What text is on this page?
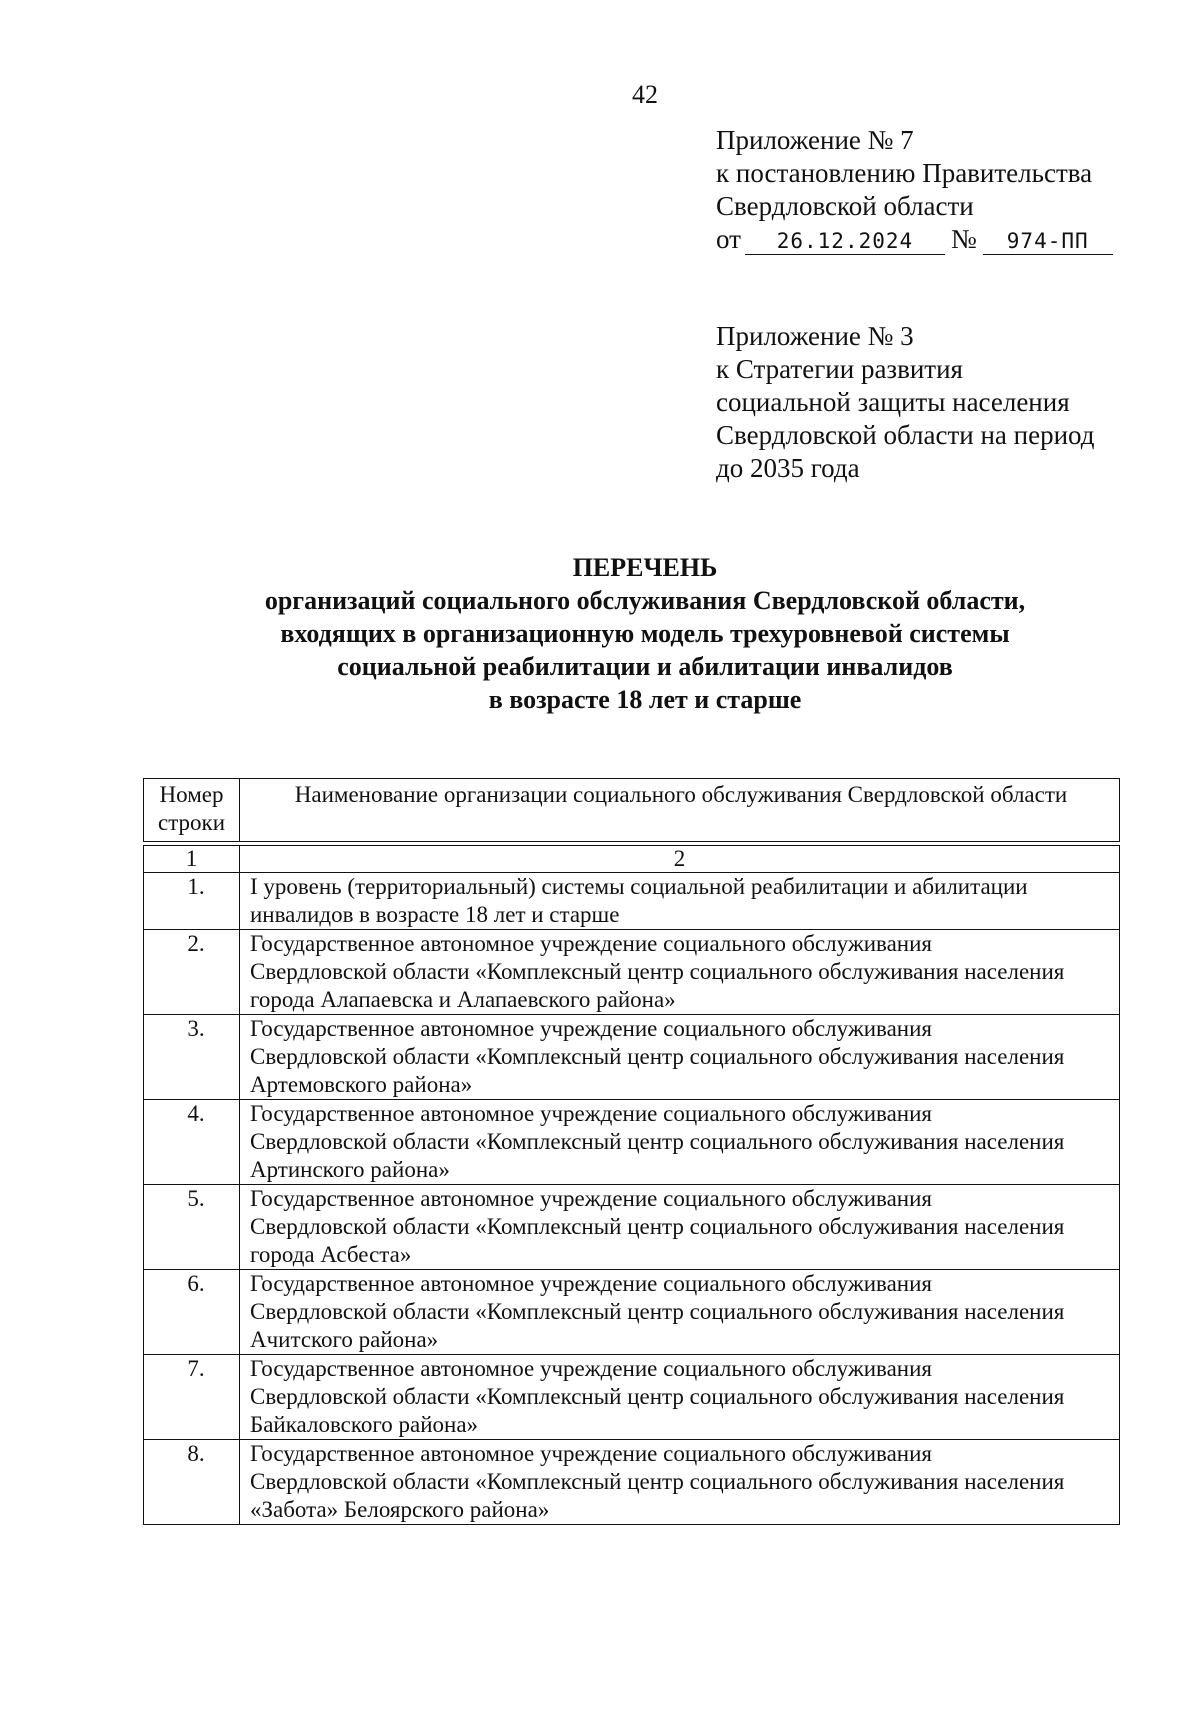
42
Приложение № 7
к постановлению Правительства
Свердловской области
от 26.12.2024 № 974-ПП
Приложение № 3
к Стратегии развития
социальной защиты населения
Свердловской области на период
до 2035 года
ПЕРЕЧЕНЬ
организаций социального обслуживания Свердловской области,
входящих в организационную модель трехуровневой системы
социальной реабилитации и абилитации инвалидов
в возрасте 18 лет и старше
Номер
строки	Наименование организации социального обслуживания Свердловской области

1	2
1.	I уровень (территориальный) системы социальной реабилитации и абилитации
инвалидов в возрасте 18 лет и старше

2.	Государственное автономное учреждение социального обслуживания
Свердловской области «Комплексный центр социального обслуживания населения
города Алапаевска и Алапаевского района»

3.	Государственное автономное учреждение социального обслуживания
Свердловской области «Комплексный центр социального обслуживания населения
Артемовского района»

4.	Государственное автономное учреждение социального обслуживания
Свердловской области «Комплексный центр социального обслуживания населения
Артинского района»

5.	Государственное автономное учреждение социального обслуживания
Свердловской области «Комплексный центр социального обслуживания населения
города Асбеста»

6.	Государственное автономное учреждение социального обслуживания
Свердловской области «Комплексный центр социального обслуживания населения
Ачитского района»

7.	Государственное автономное учреждение социального обслуживания
Свердловской области «Комплексный центр социального обслуживания населения
Байкаловского района»

8.	Государственное автономное учреждение социального обслуживания
Свердловской области «Комплексный центр социального обслуживания населения
«Забота» Белоярского района»
